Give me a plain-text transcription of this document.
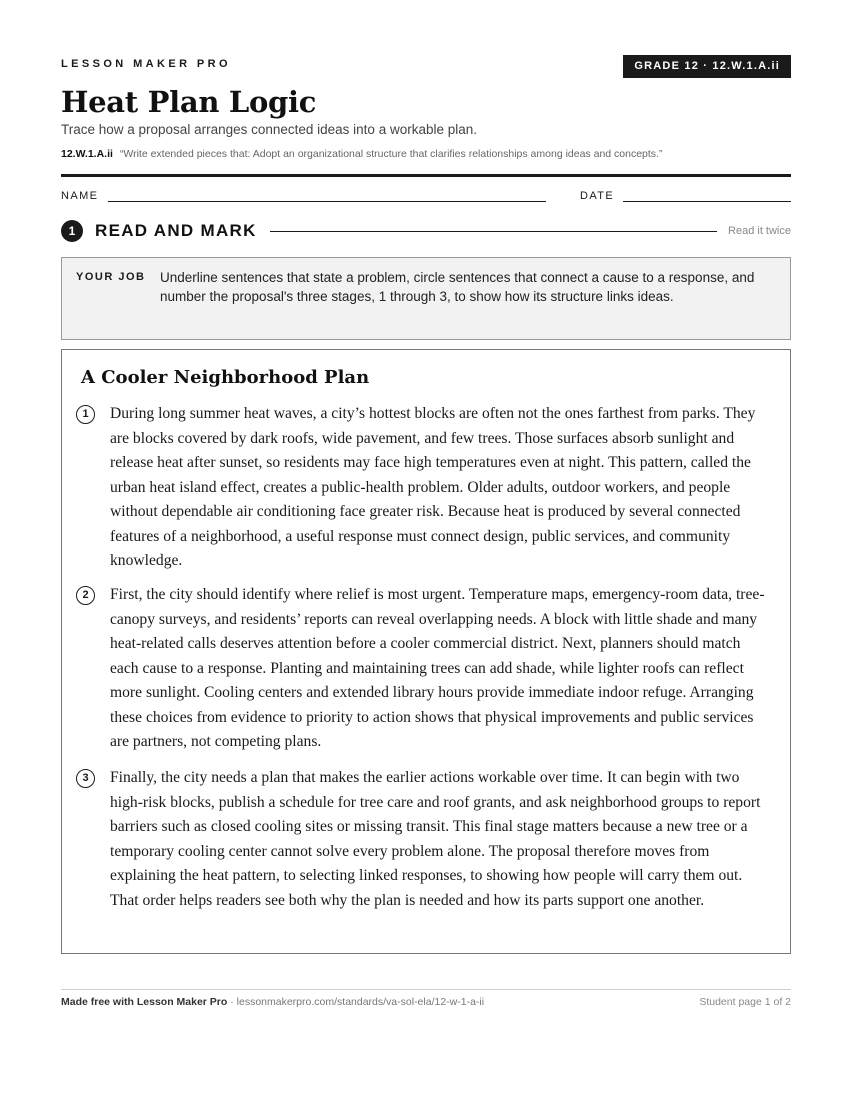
LESSON MAKER PRO	GRADE 12 · 12.W.1.A.ii
Heat Plan Logic
Trace how a proposal arranges connected ideas into a workable plan.
12.W.1.A.ii “Write extended pieces that: Adopt an organizational structure that clarifies relationships among ideas and concepts.”
NAME	DATE
1	READ AND MARK	Read it twice
YOUR JOB Underline sentences that state a problem, circle sentences that connect a cause to a response, and number the proposal's three stages, 1 through 3, to show how its structure links ideas.
A Cooler Neighborhood Plan
1	During long summer heat waves, a city’s hottest blocks are often not the ones farthest from parks. They are blocks covered by dark roofs, wide pavement, and few trees. Those surfaces absorb sunlight and release heat after sunset, so residents may face high temperatures even at night. This pattern, called the urban heat island effect, creates a public-health problem. Older adults, outdoor workers, and people without dependable air conditioning face greater risk. Because heat is produced by several connected features of a neighborhood, a useful response must connect design, public services, and community knowledge.

2	First, the city should identify where relief is most urgent. Temperature maps, emergency-room data, tree-canopy surveys, and residents’ reports can reveal overlapping needs. A block with little shade and many heat-related calls deserves attention before a cooler commercial district. Next, planners should match each cause to a response. Planting and maintaining trees can add shade, while lighter roofs can reflect more sunlight. Cooling centers and extended library hours provide immediate indoor refuge. Arranging these choices from evidence to priority to action shows that physical improvements and public services are partners, not competing plans.

3	Finally, the city needs a plan that makes the earlier actions workable over time. It can begin with two high-risk blocks, publish a schedule for tree care and roof grants, and ask neighborhood groups to report barriers such as closed cooling sites or missing transit. This final stage matters because a new tree or a temporary cooling center cannot solve every problem alone. The proposal therefore moves from explaining the heat pattern, to selecting linked responses, to showing how people will carry them out. That order helps readers see both why the plan is needed and how its parts support one another.

Made free with Lesson Maker Pro · lessonmakerpro.com/standards/va-sol-ela/12-w-1-a-ii	Student page 1 of 2
